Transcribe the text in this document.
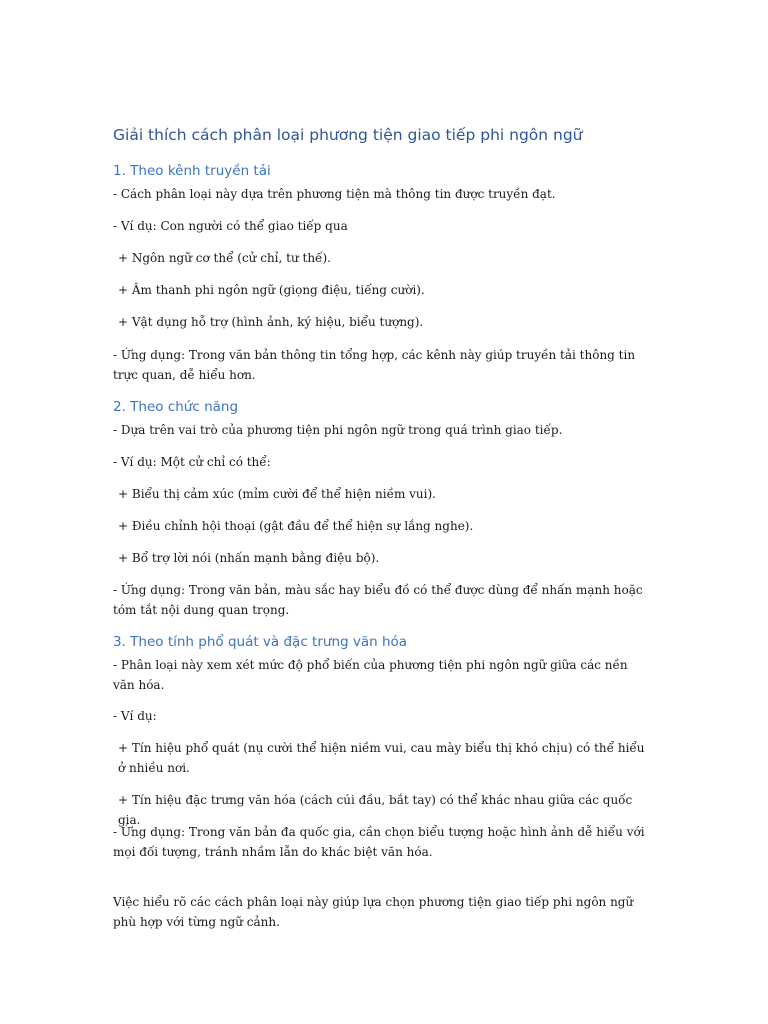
Giải thích cách phân loại phương tiện giao tiếp phi ngôn ngữ
1. Theo kênh truyền tải

- Cách phân loại này dựa trên phương tiện mà thông tin được truyền đạt.

- Ví dụ: Con người có thể giao tiếp qua

+ Ngôn ngữ cơ thể (cử chỉ, tư thế).

+ Âm thanh phi ngôn ngữ (giọng điệu, tiếng cười).

+ Vật dụng hỗ trợ (hình ảnh, ký hiệu, biểu tượng).

- Ứng dụng: Trong văn bản thông tin tổng hợp, các kênh này giúp truyền tải thông tin trực quan, dễ hiểu hơn.

2. Theo chức năng

- Dựa trên vai trò của phương tiện phi ngôn ngữ trong quá trình giao tiếp.

- Ví dụ: Một cử chỉ có thể:

+ Biểu thị cảm xúc (mỉm cười để thể hiện niềm vui).

+ Điều chỉnh hội thoại (gật đầu để thể hiện sự lắng nghe).

+ Bổ trợ lời nói (nhấn mạnh bằng điệu bộ).

- Ứng dụng: Trong văn bản, màu sắc hay biểu đồ có thể được dùng để nhấn mạnh hoặc tóm tắt nội dung quan trọng.

3. Theo tính phổ quát và đặc trưng văn hóa

- Phân loại này xem xét mức độ phổ biến của phương tiện phi ngôn ngữ giữa các nền văn hóa.

- Ví dụ:

+ Tín hiệu phổ quát (nụ cười thể hiện niềm vui, cau mày biểu thị khó chịu) có thể hiểu ở nhiều nơi.

+ Tín hiệu đặc trưng văn hóa (cách cúi đầu, bắt tay) có thể khác nhau giữa các quốc gia.

- Ứng dụng: Trong văn bản đa quốc gia, cần chọn biểu tượng hoặc hình ảnh dễ hiểu với mọi đối tượng, tránh nhầm lẫn do khác biệt văn hóa.

Việc hiểu rõ các cách phân loại này giúp lựa chọn phương tiện giao tiếp phi ngôn ngữ phù hợp với từng ngữ cảnh.
